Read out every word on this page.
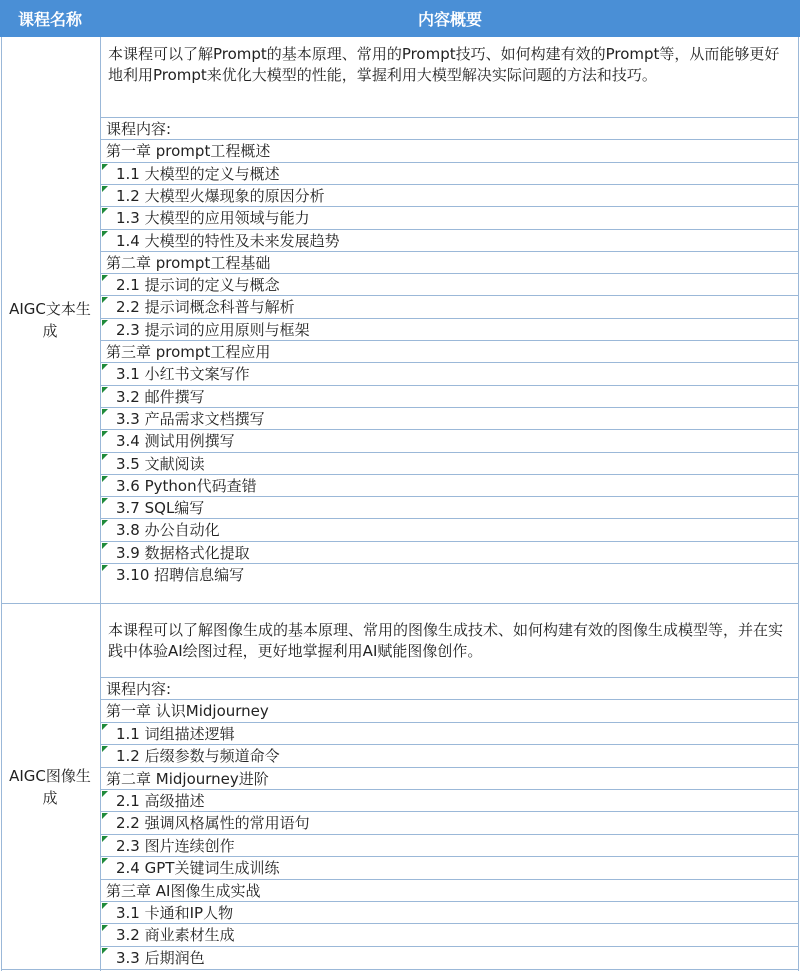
课程名称	内容概要
AIGC文本生成
本课程可以了解Prompt的基本原理、常用的Prompt技巧、如何构建有效的Prompt等，从而能够更好地利用Prompt来优化大模型的性能，掌握利用大模型解决实际问题的方法和技巧。
课程内容:
第一章 prompt工程概述
1.1 大模型的定义与概述
1.2 大模型火爆现象的原因分析
1.3 大模型的应用领域与能力
1.4 大模型的特性及未来发展趋势
第二章 prompt工程基础
2.1 提示词的定义与概念
2.2 提示词概念科普与解析
2.3 提示词的应用原则与框架
第三章 prompt工程应用
3.1 小红书文案写作
3.2 邮件撰写
3.3 产品需求文档撰写
3.4 测试用例撰写
3.5 文献阅读
3.6 Python代码查错
3.7 SQL编写
3.8 办公自动化
3.9 数据格式化提取
3.10 招聘信息编写
AIGC图像生成
本课程可以了解图像生成的基本原理、常用的图像生成技术、如何构建有效的图像生成模型等，并在实践中体验AI绘图过程，更好地掌握利用AI赋能图像创作。
课程内容:
第一章 认识Midjourney
1.1 词组描述逻辑
1.2 后缀参数与频道命令
第二章 Midjourney进阶
2.1 高级描述
2.2 强调风格属性的常用语句
2.3 图片连续创作
2.4 GPT关键词生成训练
第三章 AI图像生成实战
3.1 卡通和IP人物
3.2 商业素材生成
3.3 后期润色
